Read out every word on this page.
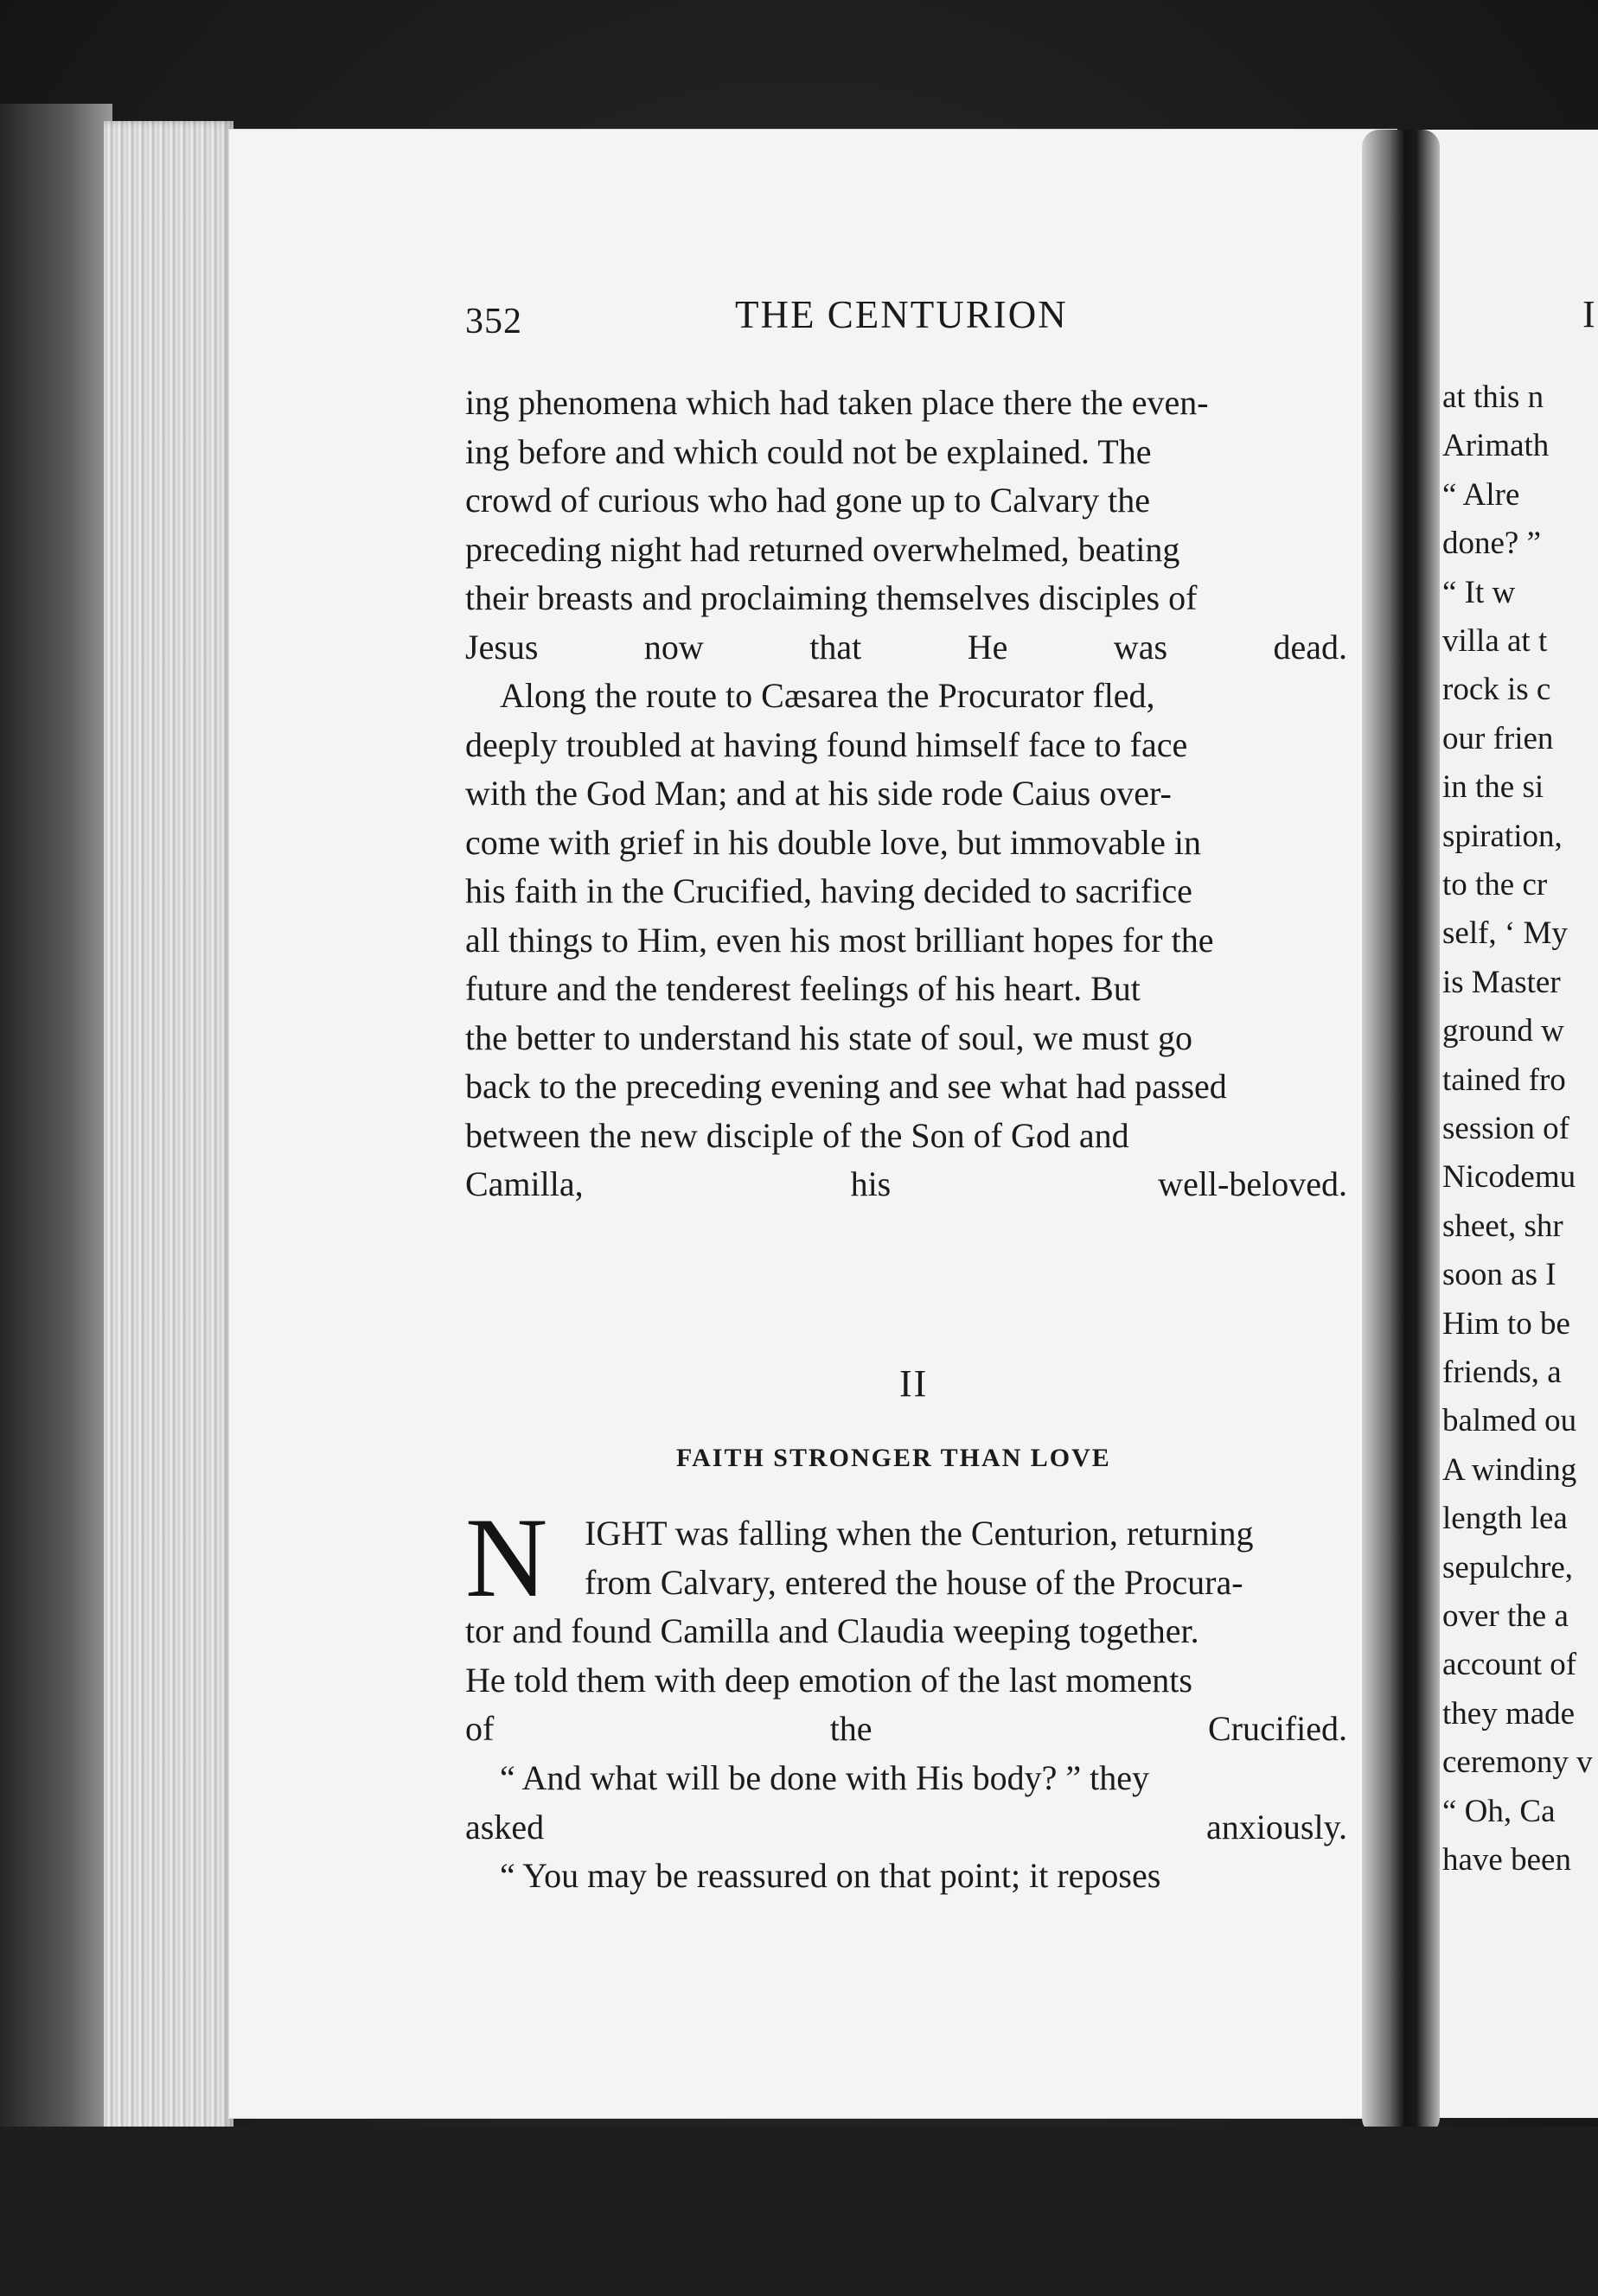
352	THE CENTURION
ing phenomena which had taken place there the even-
ing before and which could not be explained. The
crowd of curious who had gone up to Calvary the
preceding night had returned overwhelmed, beating
their breasts and proclaiming themselves disciples of
Jesus now that He was dead.
Along the route to Cæsarea the Procurator fled,
deeply troubled at having found himself face to face
with the God Man; and at his side rode Caius over-
come with grief in his double love, but immovable in
his faith in the Crucified, having decided to sacrifice
all things to Him, even his most brilliant hopes for the
future and the tenderest feelings of his heart. But
the better to understand his state of soul, we must go
back to the preceding evening and see what had passed
between the new disciple of the Son of God and
Camilla, his well-beloved.
II
FAITH STRONGER THAN LOVE
N IGHT was falling when the Centurion, returning
from Calvary, entered the house of the Procura-
tor and found Camilla and Claudia weeping together.
He told them with deep emotion of the last moments
of the Crucified.
“ And what will be done with His body? ” they
asked anxiously.
“ You may be reassured on that point; it reposes
I
at this n
Arimath
“ Alre
done? ”
“ It w
villa at t
rock is c
our frien
in the si
spiration,
to the cr
self, ‘ My
is Master
ground w
tained fro
session of
Nicodemu
sheet, shr
soon as I
Him to be
friends, a
balmed ou
A winding
length lea
sepulchre,
over the a
account of
they made
ceremony v
“ Oh, Ca
have been
